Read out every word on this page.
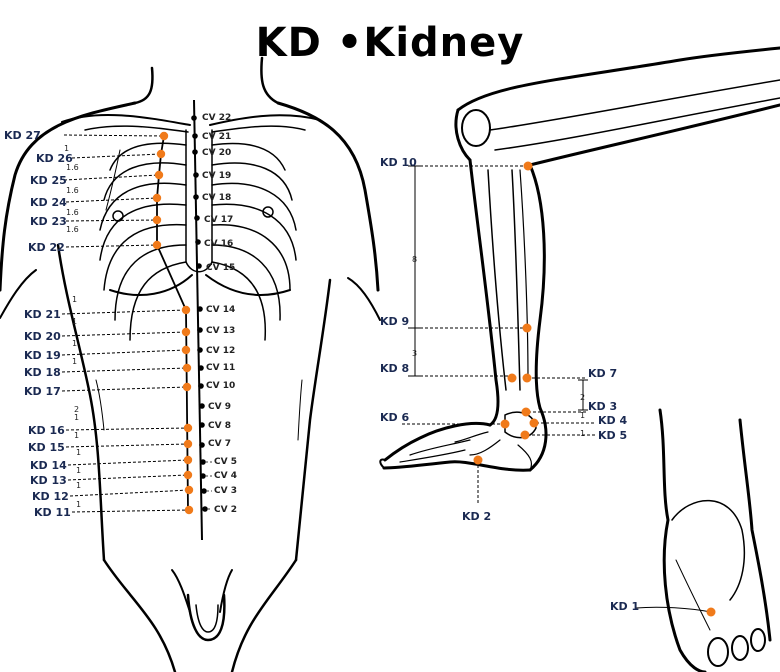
KD •Kidney
CV 22
CV 21
CV 20
CV 19
CV 18
CV 17
CV 16
CV 15
CV 14
CV 13
CV 12
CV 11
CV 10
CV 9
CV 8
CV 7
CV 5
CV 4
CV 3
CV 2
KD 27
KD 26
KD 25
KD 24
KD 23
KD 22
KD 21
KD 20
KD 19
KD 18
KD 17
KD 16
KD 15
KD 14
KD 13
KD 12
KD 11
1
1.6
1.6
1.6
1.6
1
1
1
1
2
1
1
1
1
1
1
KD 10
KD 9
KD 8	KD 7
KD 6
KD 3
KD 4
KD 5
KD 2
8
3
2
1
1
KD 1
